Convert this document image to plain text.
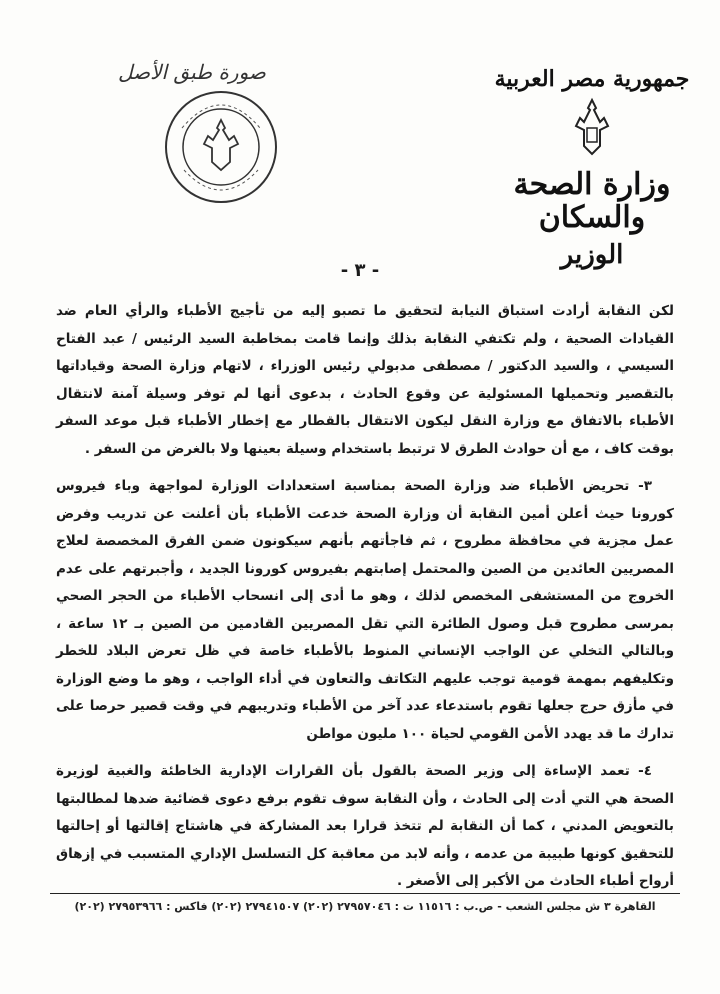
جمهورية مصر العربية
وزارة الصحة والسكان
الوزير
صورة طبق الأصل
- ٣ -

لكن النقابة أرادت استباق النيابة لتحقيق ما تصبو إليه من تأجيج الأطباء والرأي العام ضد القيادات الصحية ، ولم تكتفي النقابة بذلك وإنما قامت بمخاطبة السيد الرئيس / عبد الفتاح السيسي ، والسيد الدكتور / مصطفى مدبولي رئيس الوزراء ، لاتهام وزارة الصحة وقياداتها بالتقصير وتحميلها المسئولية عن وقوع الحادث ، بدعوى أنها لم توفر وسيلة آمنة لانتقال الأطباء بالاتفاق مع وزارة النقل ليكون الانتقال بالقطار مع إخطار الأطباء قبل موعد السفر بوقت كاف ، مع أن حوادث الطرق لا ترتبط باستخدام وسيلة بعينها ولا بالغرض من السفر .

٣- تحريض الأطباء ضد وزارة الصحة بمناسبة استعدادات الوزارة لمواجهة وباء فيروس كورونا حيث أعلن أمين النقابة أن وزارة الصحة خدعت الأطباء بأن أعلنت عن تدريب وفرض عمل مجزية في محافظة مطروح ، ثم فاجأتهم بأنهم سيكونون ضمن الفرق المخصصة لعلاج المصريين العائدين من الصين والمحتمل إصابتهم بفيروس كورونا الجديد ، وأجبرتهم على عدم الخروج من المستشفى المخصص لذلك ، وهو ما أدى إلى انسحاب الأطباء من الحجر الصحي بمرسى مطروح قبل وصول الطائرة التي تقل المصريين القادمين من الصين بـ ١٢ ساعة ، وبالتالي التخلي عن الواجب الإنساني المنوط بالأطباء خاصة في ظل تعرض البلاد للخطر وتكليفهم بمهمة قومية توجب عليهم التكاتف والتعاون في أداء الواجب ، وهو ما وضع الوزارة في مأزق حرج جعلها تقوم باستدعاء عدد آخر من الأطباء وتدريبهم في وقت قصير حرصا على تدارك ما قد يهدد الأمن القومي لحياة ١٠٠ مليون مواطن

٤- تعمد الإساءة إلى وزير الصحة بالقول بأن القرارات الإدارية الخاطئة والغبية لوزيرة الصحة هي التي أدت إلى الحادث ، وأن النقابة سوف تقوم برفع دعوى قضائية ضدها لمطالبتها بالتعويض المدني ، كما أن النقابة لم تتخذ قرارا بعد المشاركة في هاشتاج إقالتها أو إحالتها للتحقيق كونها طبيبة من عدمه ، وأنه لابد من معاقبة كل التسلسل الإداري المتسبب في إزهاق أرواح أطباء الحادث من الأكبر إلى الأصغر .

القاهرة ٣ ش مجلس الشعب - ص.ب : ١١٥١٦ ت : ٢٧٩٥٧٠٤٦ (٢٠٢) ٢٧٩٤١٥٠٧ (٢٠٢) فاكس : ٢٧٩٥٣٩٦٦ (٢٠٢)
